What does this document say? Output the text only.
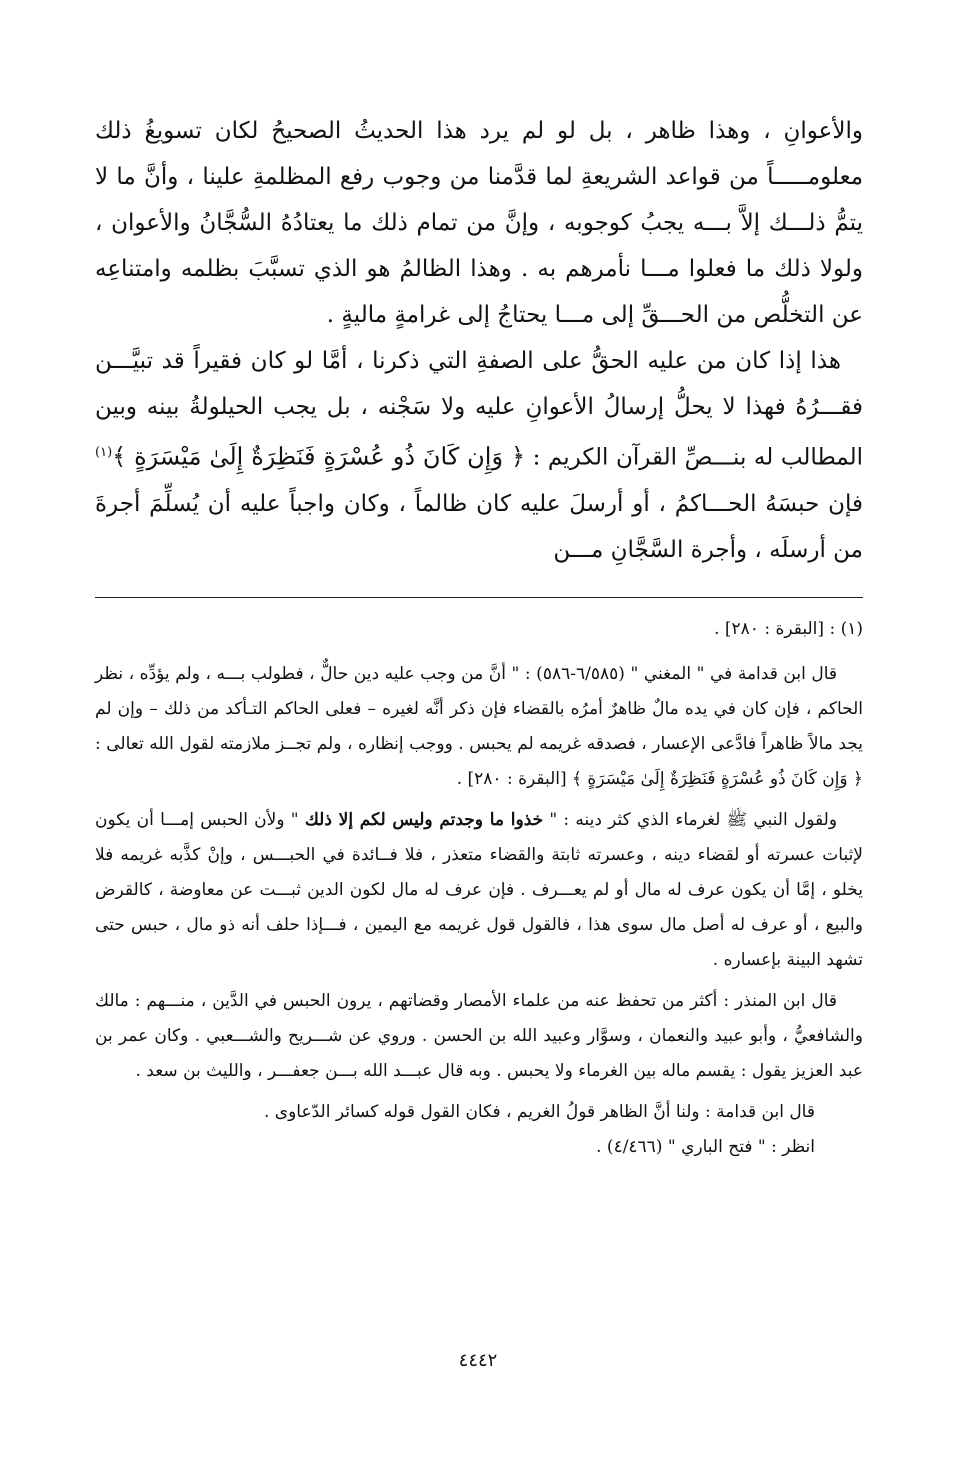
والأعوانِ ، وهذا ظاهر ، بل لو لم يرد هذا الحديثُ الصحيحُ لكان تسويغُ ذلك معلومـــــاً من قواعد الشريعةِ لما قدَّمنا من وجوب رفع المظلمةِ علينا ، وأنَّ ما لا يتمُّ ذلـــك إلاَّ بـــه يجبُ كوجوبه ، وإنَّ من تمام ذلك ما يعتادُهُ السُّجَّانُ والأعوان ، ولولا ذلك ما فعلوا مـــا نأمرهم به . وهذا الظالمُ هو الذي تسبَّبَ بظلمه وامتناعِه عن التخلُّص من الحـــقِّ إلى مـــا يحتاجُ إلى غرامةٍ ماليةٍ .

هذا إذا كان من عليه الحقُّ على الصفةِ التي ذكرنا ، أمَّا لو كان فقيراً قد تبيَّـــن فقـــرُهُ فهذا لا يحلُّ إرسالُ الأعوانِ عليه ولا سَجْنه ، بل يجب الحيلولةُ بينه وبين المطالب له بنـــصِّ القرآن الكريم : ﴿ وَإِن كَانَ ذُو عُسْرَةٍ فَنَظِرَةٌ إِلَىٰ مَيْسَرَةٍ ﴾$^{(١)}$ فإن حبسَهُ الحـــاكمُ ، أو أرسلَ عليه كان ظالماً ، وكان واجباً عليه أن يُسلِّمَ أجرةَ من أرسلَه ، وأجرة السَّجَّانِ مـــن

(١) : [البقرة : ٢٨٠] .

قال ابن قدامة في " المغني " (٦/٥٨٥-٥٨٦) : " أنَّ من وجب عليه دين حالٌّ ، فطولب بـــه ، ولم يؤدِّه ، نظر الحاكم ، فإن كان في يده مالٌ ظاهرٌ أمرُه بالقضاء فإن ذكر أنَّه لغيره – فعلى الحاكم التـأكد من ذلك – وإن لم يجد مالاً ظاهراً فادَّعى الإعسار ، فصدقه غريمه لم يحبس . ووجب إنظاره ، ولم تجــز ملازمته لقول الله تعالى : ﴿ وَإِن كَانَ ذُو عُسْرَةٍ فَنَظِرَةٌ إِلَىٰ مَيْسَرَةٍ ﴾ [البقرة : ٢٨٠] .

ولقول النبي ﷺ لغرماء الذي كثر دينه : " خذوا ما وجدتم وليس لكم إلا ذلك " ولأن الحبس إمـــا أن يكون لإثبات عسرته أو لقضاء دينه ، وعسرته ثابتة والقضاء متعذر ، فلا فــائدة في الحبـــس ، وإنْ كذَّبه غريمه فلا يخلو ، إمَّا أن يكون عرف له مال أو لم يعـــرف . فإن عرف له مال لكون الدين ثبـــت عن معاوضة ، كالقرض والبيع ، أو عرف له أصل مال سوى هذا ، فالقول قول غريمه مع اليمين ، فـــإذا حلف أنه ذو مال ، حبس حتى تشهد البينة بإعساره .

قال ابن المنذر : أكثر من تحفظ عنه من علماء الأمصار وقضاتهم ، يرون الحبس في الدَّين ، منـــهم : مالك والشافعيُّ ، وأبو عبيد والنعمان ، وسوَّار وعبيد الله بن الحسن . وروي عن شـــريح والشـــعبي . وكان عمر بن عبد العزيز يقول : يقسم ماله بين الغرماء ولا يحبس . وبه قال عبـــد الله بـــن جعفـــر ، والليث بن سعد .

قال ابن قدامة : ولنا أنَّ الظاهر قولُ الغريم ، فكان القول قوله كسائر الدّعاوى .

انظر : " فتح الباري " (٤/٤٦٦) .

٤٤٤٢
